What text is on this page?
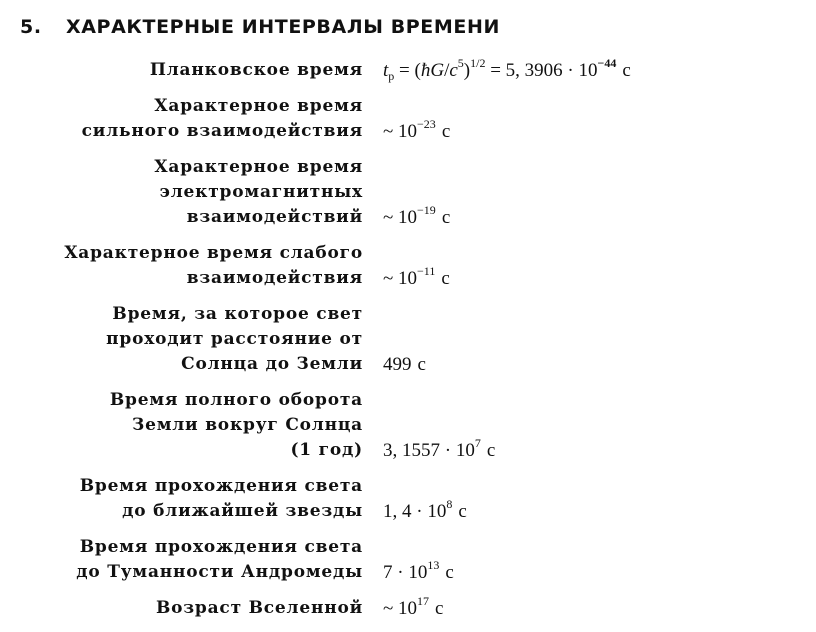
5. ХАРАКТЕРНЫЕ ИНТЕРВАЛЫ ВРЕМЕНИ
Планковское время $t_p$ = $(ħG/c^5)^{1/2} = 5$, $3906 \cdot 10^{-44}$ с
Характерное время
сильного взаимодействия ~ $10^{-23}$ с
Характерное время
электромагнитных
взаимодействий ~ $10^{-19}$ с
Характерное время слабого
взаимодействия ~ $10^{-11}$ с
Время, за которое свет
проходит расстояние от
Солнца до Земли 499 с
Время полного оборота
Земли вокруг Солнца
(1 год) 3, $1557 \cdot 10^7$ с
Время прохождения света
до ближайшей звезды 1, $4 \cdot 10^8$ с
Время прохождения света
до Туманности Андромеды $7 \cdot 10^{13}$ с
Возраст Вселенной ~ $10^{17}$ с
